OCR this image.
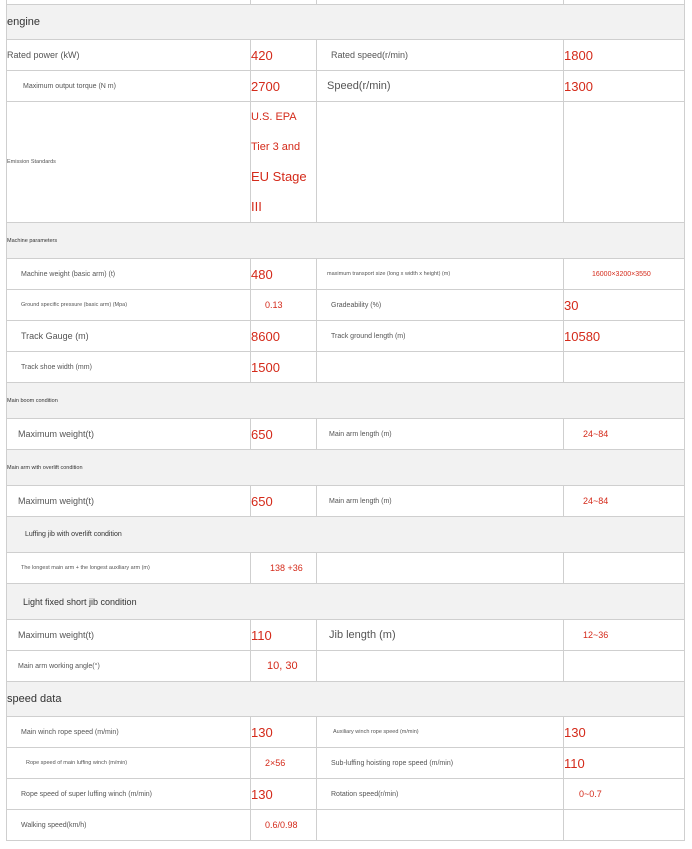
engine			
Rated power (kW)	420	Rated speed(r/min)	1800
Maximum output torque (N m)	2700	Speed(r/min)	1300
Emission Standards	U.S. EPA
Tier 3 and
EU Stage
III		

Machine parameters			
Machine weight (basic arm) (t)	480	maximum transport size (long x width x height) (m)	16000×3200×3550
Ground specific pressure (basic arm) (Mpa)	0.13	Gradeability (%)	30
Track Gauge (m)	8600	Track ground length (m)	10580
Track shoe width (mm)	1500		
Main boom condition			
Maximum weight(t)	650	Main arm length (m)	24~84
Main arm with overlift condition			
Maximum weight(t)	650	Main arm length (m)	24~84
Luffing jib with overlift condition			
The longest main arm + the longest auxiliary arm (m)	138 +36		
Light fixed short jib condition			
Maximum weight(t)	110	Jib length (m)	12~36
Main arm working angle(°)	10, 30		
speed data			
Main winch rope speed (m/min)	130	Auxiliary winch rope speed (m/min)	130
Rope speed of main luffing winch (m/min)	2×56	Sub-luffing hoisting rope speed (m/min)	110
Rope speed of super luffing winch (m/min)	130	Rotation speed(r/min)	0~0.7
Walking speed(km/h)	0.6/0.98		
